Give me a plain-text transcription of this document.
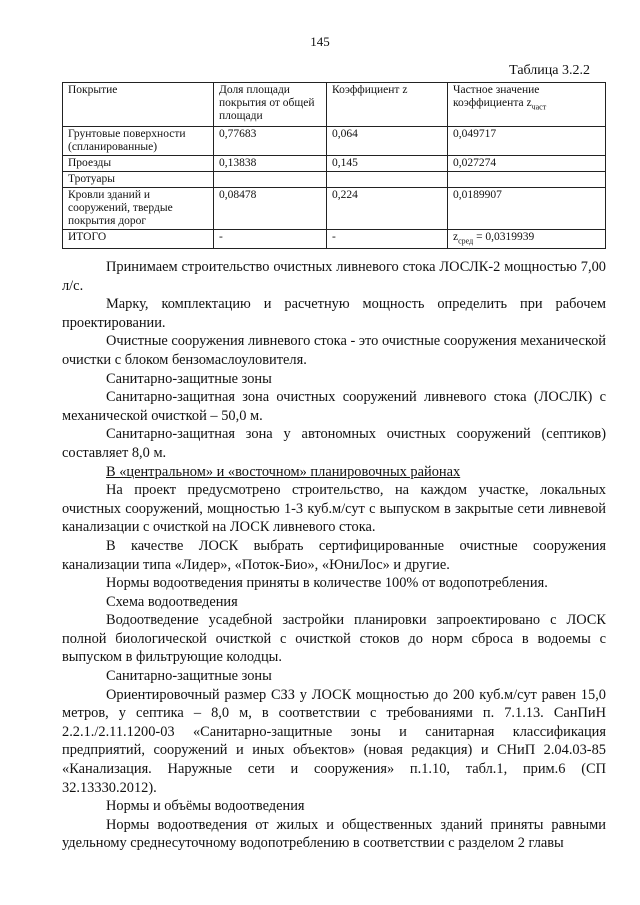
145
Таблица 3.2.2
Покрытие	Доля площади покрытия от общей площади	Коэффициент z	Частное значение коэффициента $z_{част}$
Грунтовые поверхности (спланированные)	0,77683	0,064	0,049717
Проезды	0,13838	0,145	0,027274
Тротуары			
Кровли зданий и сооружений, твердые покрытия дорог	0,08478	0,224	0,0189907
ИТОГО	-	-	$z_{сред} = 0,0319939$

Принимаем строительство очистных ливневого стока ЛОСЛК-2 мощностью 7,00 л/с.

Марку, комплектацию и расчетную мощность определить при рабочем проектировании.

Очистные сооружения ливневого стока - это очистные сооружения механической очистки с блоком бензомаслоуловителя.

Санитарно-защитные зоны

Санитарно-защитная зона очистных сооружений ливневого стока (ЛОСЛК) с механической очисткой – 50,0 м.

Санитарно-защитная зона у автономных очистных сооружений (септиков) составляет 8,0 м.

В «центральном» и «восточном» планировочных районах

На проект предусмотрено строительство, на каждом участке, локальных очистных сооружений, мощностью 1-3 куб.м/сут с выпуском в закрытые сети ливневой канализации с очисткой на ЛОСК ливневого стока.

В качестве ЛОСК выбрать сертифицированные очистные сооружения канализации типа «Лидер», «Поток-Био», «ЮниЛос» и другие.

Нормы водоотведения приняты в количестве 100% от водопотребления.

Схема водоотведения

Водоотведение усадебной застройки планировки запроектировано с ЛОСК полной биологической очисткой с очисткой стоков до норм сброса в водоемы с выпуском в фильтрующие колодцы.

Санитарно-защитные зоны

Ориентировочный размер СЗЗ у ЛОСК мощностью до 200 куб.м/сут равен 15,0 метров, у септика – 8,0 м, в соответствии с требованиями п. 7.1.13. СанПиН 2.2.1./2.11.1200-03 «Санитарно-защитные зоны и санитарная классификация предприятий, сооружений и иных объектов» (новая редакция) и СНиП 2.04.03-85 «Канализация. Наружные сети и сооружения» п.1.10, табл.1, прим.6 (СП 32.13330.2012).

Нормы и объёмы водоотведения

Нормы водоотведения от жилых и общественных зданий приняты равными удельному среднесуточному водопотреблению в соответствии с разделом 2 главы
